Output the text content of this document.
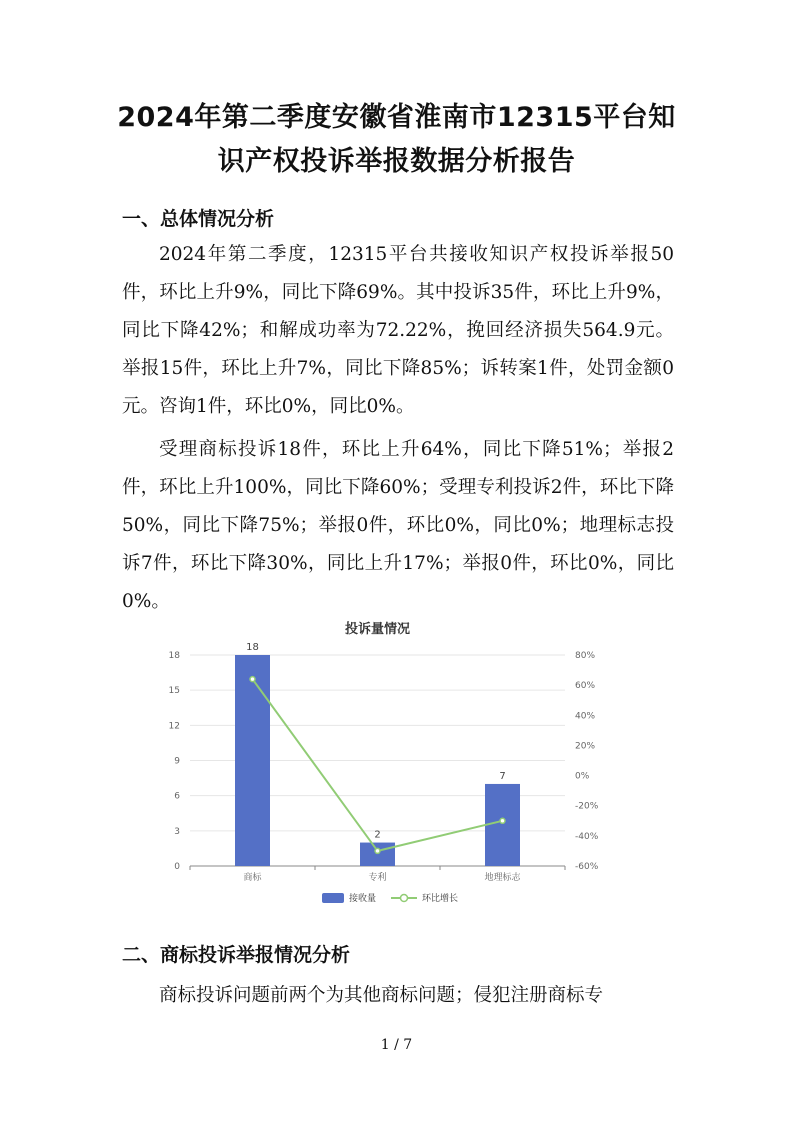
2024年第二季度安徽省淮南市12315平台知
识产权投诉举报数据分析报告
一、总体情况分析
2024年第二季度，12315平台共接收知识产权投诉举报50件，环比上升9%，同比下降69%。其中投诉35件，环比上升9%，同比下降42%；和解成功率为72.22%，挽回经济损失564.9元。举报15件，环比上升7%，同比下降85%；诉转案1件，处罚金额0元。咨询1件，环比0%，同比0%。
受理商标投诉18件，环比上升64%，同比下降51%；举报2件，环比上升100%，同比下降60%；受理专利投诉2件，环比下降50%，同比下降75%；举报0件，环比0%，同比0%；地理标志投诉7件，环比下降30%，同比上升17%；举报0件，环比0%，同比0%。
投诉量情况
0
3
6
9
12
15
18
-60%
-40%
-20%
0%
20%
40%
60%
80%
商标	专利	地理标志
18
2
7
接收量	环比增长
二、商标投诉举报情况分析
商标投诉问题前两个为其他商标问题；侵犯注册商标专
1 / 7
